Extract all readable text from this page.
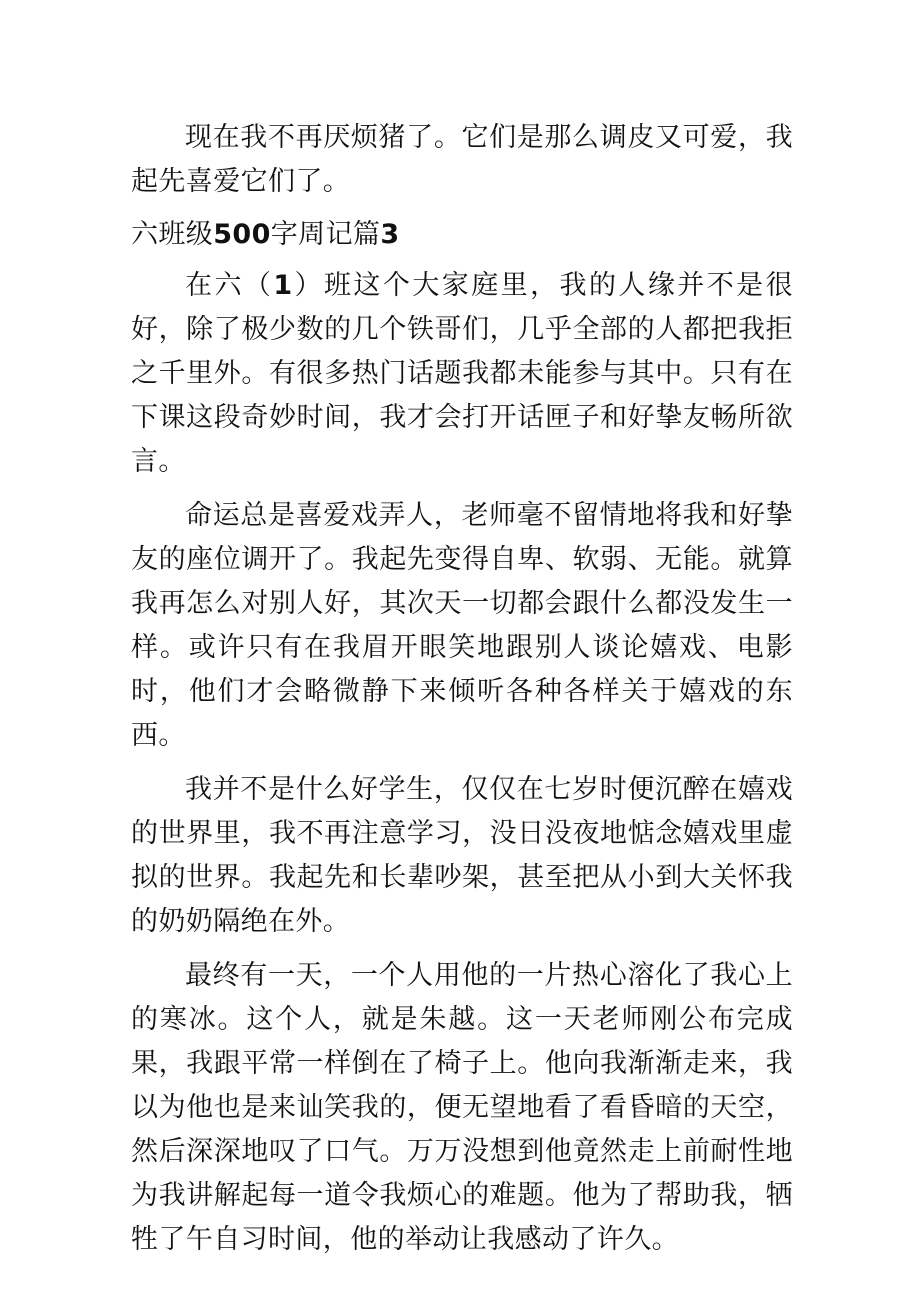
现在我不再厌烦猪了。它们是那么调皮又可爱，我起先喜爱它们了。

六班级500字周记篇3

在六（1）班这个大家庭里，我的人缘并不是很好，除了极少数的几个铁哥们，几乎全部的人都把我拒之千里外。有很多热门话题我都未能参与其中。只有在下课这段奇妙时间，我才会打开话匣子和好挚友畅所欲言。

命运总是喜爱戏弄人，老师毫不留情地将我和好挚友的座位调开了。我起先变得自卑、软弱、无能。就算我再怎么对别人好，其次天一切都会跟什么都没发生一样。或许只有在我眉开眼笑地跟别人谈论嬉戏、电影时，他们才会略微静下来倾听各种各样关于嬉戏的东西。

我并不是什么好学生，仅仅在七岁时便沉醉在嬉戏的世界里，我不再注意学习，没日没夜地惦念嬉戏里虚拟的世界。我起先和长辈吵架，甚至把从小到大关怀我的奶奶隔绝在外。

最终有一天，一个人用他的一片热心溶化了我心上的寒冰。这个人，就是朱越。这一天老师刚公布完成果，我跟平常一样倒在了椅子上。他向我渐渐走来，我以为他也是来讪笑我的，便无望地看了看昏暗的天空，然后深深地叹了口气。万万没想到他竟然走上前耐性地为我讲解起每一道令我烦心的难题。他为了帮助我，牺牲了午自习时间，他的举动让我感动了许久。
